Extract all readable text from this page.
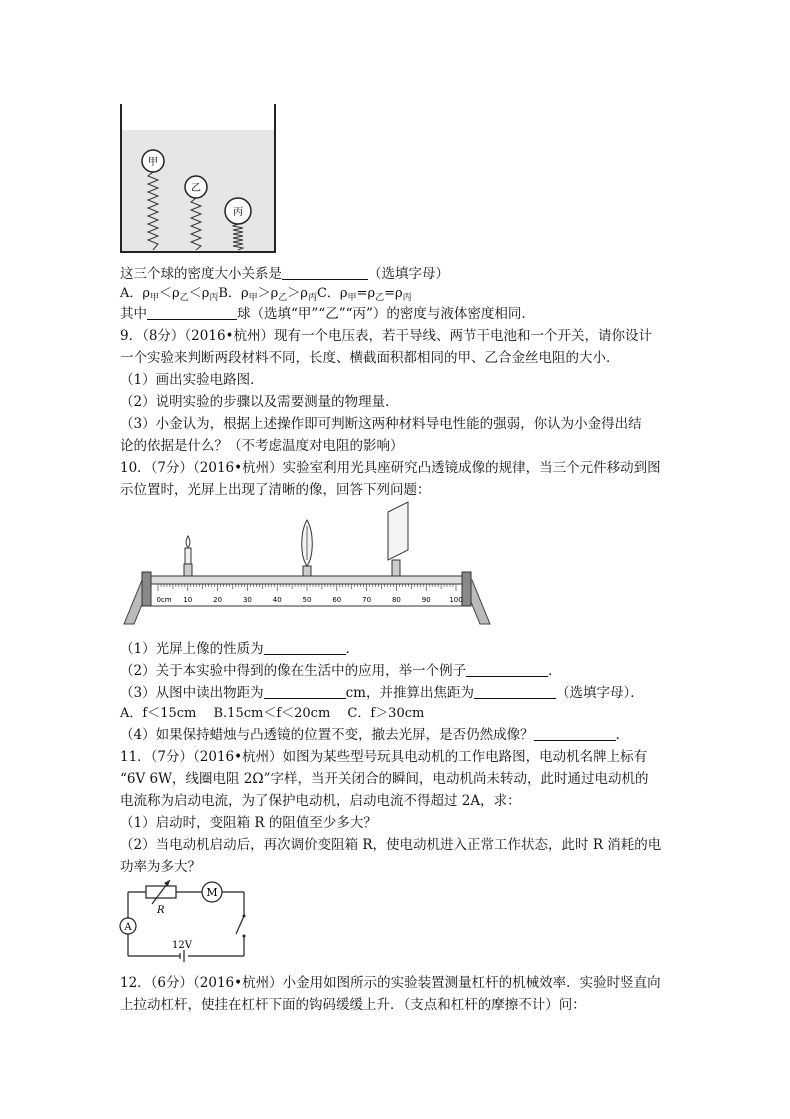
甲
乙
丙
这三个球的密度大小关系是	（选填字母）
A．$\rho_甲<\rho_乙<\rho_丙B$．$\rho_甲>\rho_乙>\rho_丙C$．$\rho_甲=\rho_乙=\rho_丙$
其中	球（选填“甲”“乙”“丙”）的密度与液体密度相同.
9．（8分）（2016•杭州）现有一个电压表，若干导线、两节干电池和一个开关，请你设计
一个实验来判断两段材料不同，长度、横截面积都相同的甲、乙合金丝电阻的大小．
（1）画出实验电路图．
（2）说明实验的步骤以及需要测量的物理量．
（3）小金认为，根据上述操作即可判断这两种材料导电性能的强弱，你认为小金得出结
论的依据是什么？（不考虑温度对电阻的影响）
10．（7分）（2016•杭州）实验室利用光具座研究凸透镜成像的规律，当三个元件移动到图
示位置时，光屏上出现了清晰的像，回答下列问题：
0cm 10	20	30	40	50	60	70	80	90	100
（1）光屏上像的性质为	．
（2）关于本实验中得到的像在生活中的应用，举一个例子	．
（3）从图中读出物距为	cm，并推算出焦距为	（选填字母）．
A．f＜15cm　 B.15cm＜f＜20cm　 C．f＞30cm
（4）如果保持蜡烛与凸透镜的位置不变，撤去光屏，是否仍然成像？	．
11．（7分）（2016•杭州）如图为某些型号玩具电动机的工作电路图，电动机名牌上标有
“6V 6W，线圈电阻 2Ω”字样，当开关闭合的瞬间，电动机尚未转动，此时通过电动机的
电流称为启动电流，为了保护电动机，启动电流不得超过 2A，求：
（1）启动时，变阻箱 R 的阻值至少多大？
（2）当电动机启动后，再次调价变阻箱 R，使电动机进入正常工作状态，此时 R 消耗的电
功率为多大？
R
M
A
12V
12．（6分）（2016•杭州）小金用如图所示的实验装置测量杠杆的机械效率．实验时竖直向
上拉动杠杆，使挂在杠杆下面的钩码缓缓上升．（支点和杠杆的摩擦不计）问：
